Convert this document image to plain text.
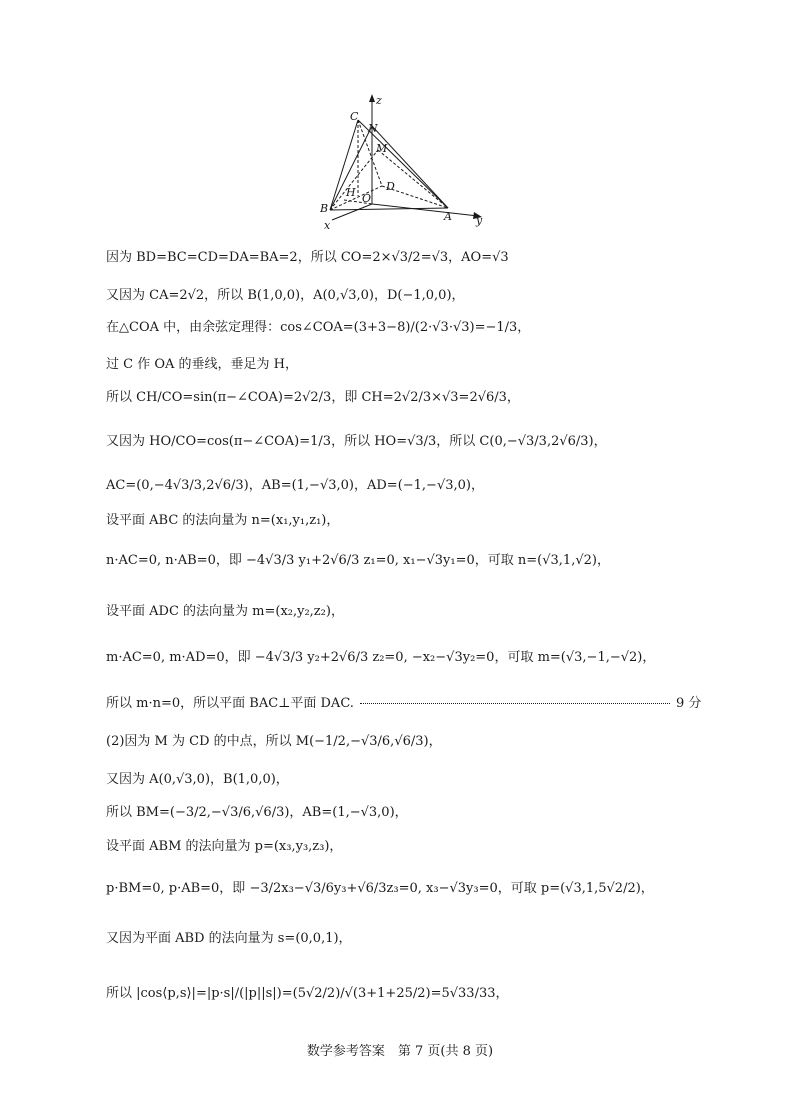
z
y
x
C
N
M
D
O
H
B
A
因为 BD=BC=CD=DA=BA=2，所以 CO=2×√3/2=√3，AO=√3
又因为 CA=2√2，所以 B(1,0,0)，A(0,√3,0)，D(−1,0,0)，
在△COA 中，由余弦定理得：cos∠COA=(3+3−8)/(2·√3·√3)=−1/3，
过 C 作 OA 的垂线，垂足为 H，
所以 CH/CO=sin(π−∠COA)=2√2/3，即 CH=2√2/3×√3=2√6/3，
又因为 HO/CO=cos(π−∠COA)=1/3，所以 HO=√3/3，所以 C(0,−√3/3,2√6/3)，
AC=(0,−4√3/3,2√6/3)，AB=(1,−√3,0)，AD=(−1,−√3,0)，
设平面 ABC 的法向量为 n=(x₁,y₁,z₁)，
n·AC=0, n·AB=0，即 −4√3/3 y₁+2√6/3 z₁=0, x₁−√3y₁=0，可取 n=(√3,1,√2)，
设平面 ADC 的法向量为 m=(x₂,y₂,z₂)，
m·AC=0, m·AD=0，即 −4√3/3 y₂+2√6/3 z₂=0, −x₂−√3y₂=0，可取 m=(√3,−1,−√2)，
所以 m·n=0，所以平面 BAC⊥平面 DAC.	9 分
(2)因为 M 为 CD 的中点，所以 M(−1/2,−√3/6,√6/3)，
又因为 A(0,√3,0)，B(1,0,0)，
所以 BM=(−3/2,−√3/6,√6/3)，AB=(1,−√3,0)，
设平面 ABM 的法向量为 p=(x₃,y₃,z₃)，
p·BM=0, p·AB=0，即 −3/2x₃−√3/6y₃+√6/3z₃=0, x₃−√3y₃=0，可取 p=(√3,1,5√2/2)，
又因为平面 ABD 的法向量为 s=(0,0,1)，
所以 |cos⟨p,s⟩|=|p·s|/(|p||s|)=(5√2/2)/√(3+1+25/2)=5√33/33，
数学参考答案　第 7 页(共 8 页)
